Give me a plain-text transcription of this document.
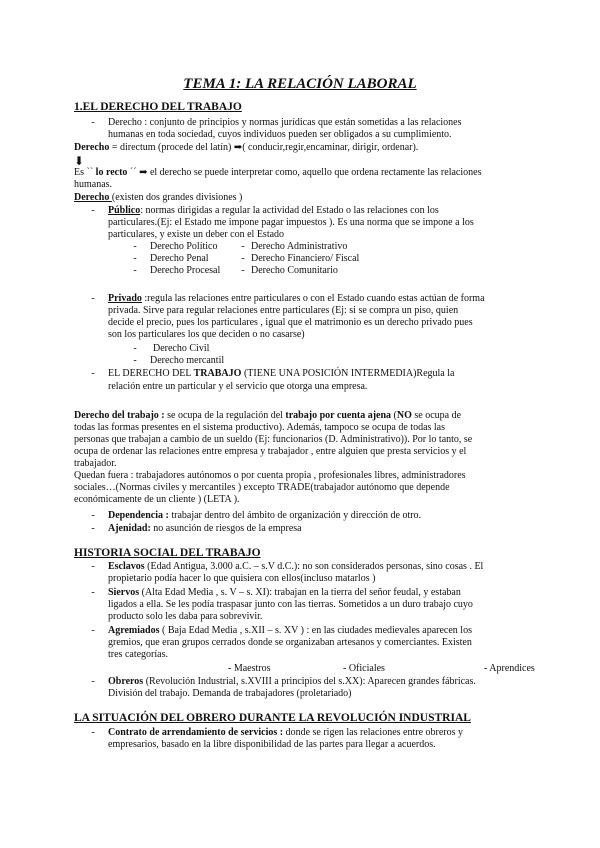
TEMA 1: LA RELACIÓN LABORAL
1.EL DERECHO DEL TRABAJO
-	Derecho : conjunto de principios y normas jurídicas que están sometidas a las relaciones
humanas en toda sociedad, cuyos individuos pueden ser obligados a su cumplimiento.
Derecho = directum (procede del latín) ➡( conducir,regir,encaminar, dirigir, ordenar).
⬇
Es `` lo recto ´´ ➡ el derecho se puede interpretar como, aquello que ordena rectamente las relaciones
humanas.
Derecho (existen dos grandes divisiones )
-	Público: normas dirigidas a regular la actividad del Estado o las relaciones con los
particulares.(Ej: el Estado me impone pagar impuestos ). Es una norma que se impone a los
particulares, y existe un deber con el Estado
-	Derecho Político	- Derecho Administrativo
-	Derecho Penal	- Derecho Financiero/ Fiscal
-	Derecho Procesal	- Derecho Comunitario
-	Privado :regula las relaciones entre particulares o con el Estado cuando estas actúan de forma
privada. Sirve para regular relaciones entre particulares (Ej: si se compra un piso, quien
decide el precio, pues los particulares , igual que el matrimonio es un derecho privado pues
son los particulares los que deciden o no casarse)
-	Derecho Civil
-	Derecho mercantil
-	EL DERECHO DEL TRABAJO (TIENE UNA POSICIÓN INTERMEDIA)Regula la
relación entre un particular y el servicio que otorga una empresa.
Derecho del trabajo : se ocupa de la regulación del trabajo por cuenta ajena (NO se ocupa de
todas las formas presentes en el sistema productivo). Además, tampoco se ocupa de todas las
personas que trabajan a cambio de un sueldo (Ej: funcionarios (D. Administrativo)). Por lo tanto, se
ocupa de ordenar las relaciones entre empresa y trabajador , entre alguien que presta servicios y el
trabajador.
Quedan fuera : trabajadores autónomos o por cuenta propia , profesionales libres, administradores
sociales…(Normas civiles y mercantiles ) excepto TRADE(trabajador autónomo que depende
económicamente de un cliente ) (LETA ).
-	Dependencia : trabajar dentro del ámbito de organización y dirección de otro.
-	Ajenidad: no asunción de riesgos de la empresa
HISTORIA SOCIAL DEL TRABAJO
-	Esclavos (Edad Antigua, 3.000 a.C. – s.V d.C.): no son considerados personas, sino cosas . El
propietario podía hacer lo que quisiera con ellos(incluso matarlos )
-	Siervos (Alta Edad Media , s. V – s. XI): trabajan en la tierra del señor feudal, y estaban
ligados a ella. Se les podía traspasar junto con las tierras. Sometidos a un duro trabajo cuyo
producto solo les daba para sobrevivir.
-	Agremiados ( Baja Edad Media , s.XII – s. XV ) : en las ciudades medievales aparecen los
gremios, que eran grupos cerrados donde se organizaban artesanos y comerciantes. Existen
tres categorías.
- Maestros	- Oficiales	- Aprendices
-	Obreros (Revolución Industrial, s.XVIII a principios del s.XX): Aparecen grandes fábricas.
División del trabajo. Demanda de trabajadores (proletariado)
LA SITUACIÓN DEL OBRERO DURANTE LA REVOLUCIÓN INDUSTRIAL
-	Contrato de arrendamiento de servicios : donde se rigen las relaciones entre obreros y
empresarios, basado en la libre disponibilidad de las partes para llegar a acuerdos.
